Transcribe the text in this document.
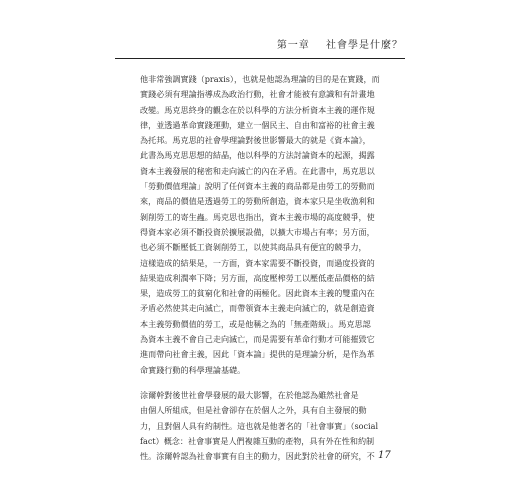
第一章 社會學是什麼？
他非常強調實踐（praxis），也就是他認為理論的目的是在實踐，而
實踐必須有理論指導成為政治行動，社會才能被有意識和有計畫地
改變。馬克思終身的觀念在於以科學的方法分析資本主義的運作規
律，並透過革命實踐運動，建立一個民主、自由和富裕的社會主義
為托邦。馬克思的社會學理論對後世影響最大的就是《資本論》，
此書為馬克思思想的結晶，他以科學的方法討論資本的起源，揭露
資本主義發展的秘密和走向滅亡的內在矛盾。在此書中，馬克思以
「勞動價值理論」說明了任何資本主義的商品都是由勞工的勞動而
來，商品的價值是透過勞工的勞動所創造，資本家只是坐收漁利和
剝削勞工的寄生蟲。馬克思也指出，資本主義市場的高度競爭，使
得資本家必須不斷投資於擴展設備，以擴大市場占有率；另方面，
也必須不斷壓低工資剝削勞工，以使其商品具有便宜的競爭力，
這樣造成的結果是，一方面，資本家需要不斷投資，而過度投資的
結果造成利潤率下降；另方面，高度壓榨勞工以壓低產品價格的結
果，造成勞工的貧窮化和社會的兩極化。因此資本主義的雙重內在
矛盾必然使其走向滅亡，而帶領資本主義走向滅亡的，就是創造資
本主義勞動價值的勞工，或是他稱之為的「無產階級」。馬克思認
為資本主義不會自己走向滅亡，而是需要有革命行動才可能摧毀它
進而帶向社會主義，因此「資本論」提供的是理論分析，是作為革
命實踐行動的科學理論基礎。
涂爾幹對後世社會學發展的最大影響，在於他認為雖然社會是
由個人所組成，但是社會卻存在於個人之外，具有自主發展的動
力，且對個人具有約制性。這也就是他著名的「社會事實」（social
fact）概念：社會事實是人們複雜互動的產物，具有外在性和約制
性。涂爾幹認為社會事實有自主的動力，因此對於社會的研究，不 17
